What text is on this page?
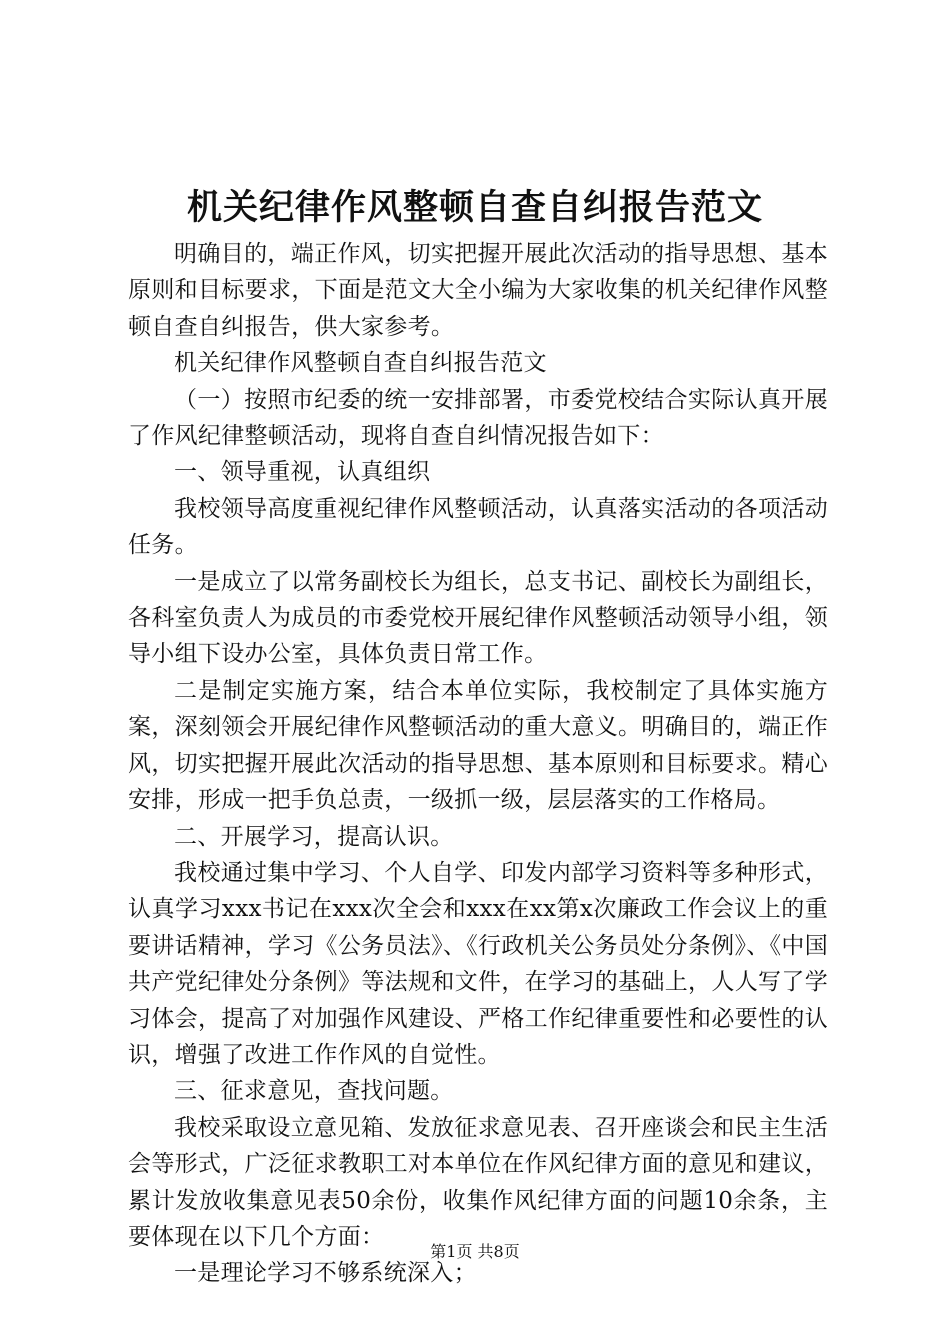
机关纪律作风整顿自查自纠报告范文

明确目的，端正作风，切实把握开展此次活动的指导思想、基本原则和目标要求，下面是范文大全小编为大家收集的机关纪律作风整顿自查自纠报告，供大家参考。

机关纪律作风整顿自查自纠报告范文

（一）按照市纪委的统一安排部署，市委党校结合实际认真开展了作风纪律整顿活动，现将自查自纠情况报告如下：

一、领导重视，认真组织

我校领导高度重视纪律作风整顿活动，认真落实活动的各项活动任务。

一是成立了以常务副校长为组长，总支书记、副校长为副组长，各科室负责人为成员的市委党校开展纪律作风整顿活动领导小组，领导小组下设办公室，具体负责日常工作。

二是制定实施方案，结合本单位实际，我校制定了具体实施方案，深刻领会开展纪律作风整顿活动的重大意义。明确目的，端正作风，切实把握开展此次活动的指导思想、基本原则和目标要求。精心安排，形成一把手负总责，一级抓一级，层层落实的工作格局。

二、开展学习，提高认识。

我校通过集中学习、个人自学、印发内部学习资料等多种形式，认真学习xxx书记在xxx次全会和xxx在xx第x次廉政工作会议上的重要讲话精神，学习《公务员法》、《行政机关公务员处分条例》、《中国共产党纪律处分条例》等法规和文件，在学习的基础上，人人写了学习体会，提高了对加强作风建设、严格工作纪律重要性和必要性的认识，增强了改进工作作风的自觉性。

三、征求意见，查找问题。

我校采取设立意见箱、发放征求意见表、召开座谈会和民主生活会等形式，广泛征求教职工对本单位在作风纪律方面的意见和建议，累计发放收集意见表50余份，收集作风纪律方面的问题10余条，主要体现在以下几个方面：

一是理论学习不够系统深入；

第1页 共8页
